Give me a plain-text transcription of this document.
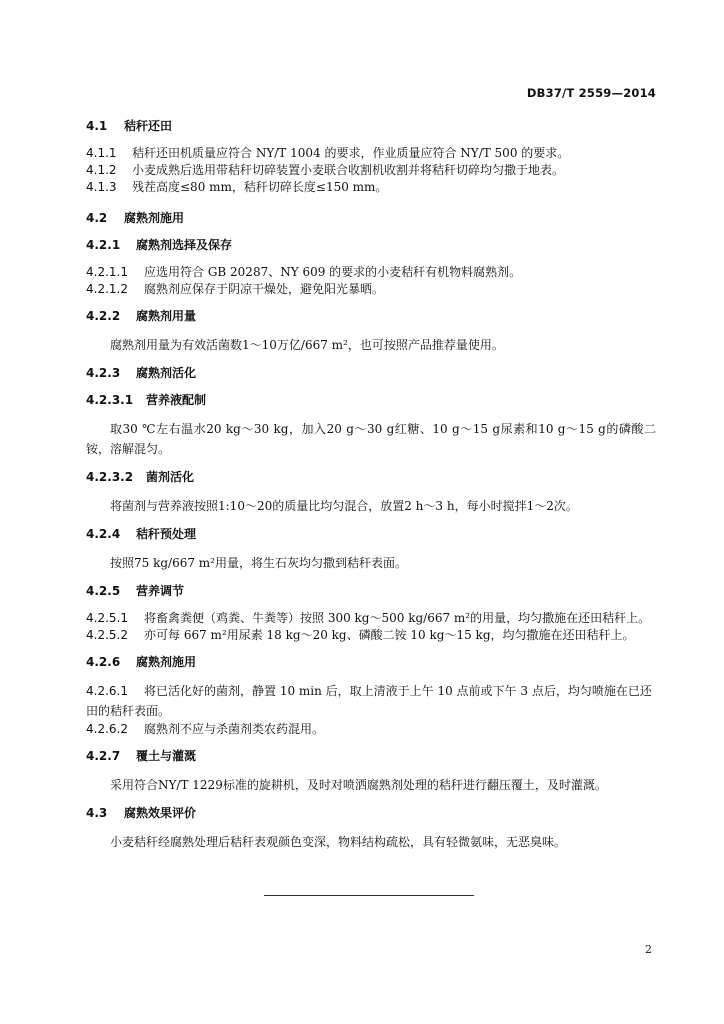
DB37/T 2559—2014
4.1	秸秆还田
4.1.1	秸秆还田机质量应符合 NY/T 1004 的要求，作业质量应符合 NY/T 500 的要求。
4.1.2	小麦成熟后选用带秸秆切碎装置小麦联合收割机收割并将秸秆切碎均匀撒于地表。
4.1.3	残茬高度≤80 mm，秸秆切碎长度≤150 mm。
4.2	腐熟剂施用
4.2.1	腐熟剂选择及保存
4.2.1.1	应选用符合 GB 20287、NY 609 的要求的小麦秸秆有机物料腐熟剂。
4.2.1.2	腐熟剂应保存于阴凉干燥处，避免阳光暴晒。
4.2.2	腐熟剂用量
腐熟剂用量为有效活菌数1～10万亿/667 m²，也可按照产品推荐量使用。
4.2.3	腐熟剂活化
4.2.3.1	营养液配制
取30 ℃左右温水20 kg～30 kg，加入20 g～30 g红糖、10 g～15 g尿素和10 g～15 g的磷酸二铵，溶解混匀。
4.2.3.2	菌剂活化
将菌剂与营养液按照1:10～20的质量比均匀混合，放置2 h～3 h，每小时搅拌1～2次。
4.2.4	秸秆预处理
按照75 kg/667 m²用量，将生石灰均匀撒到秸秆表面。
4.2.5	营养调节
4.2.5.1	将畜禽粪便（鸡粪、牛粪等）按照 300 kg～500 kg/667 m²的用量，均匀撒施在还田秸秆上。
4.2.5.2	亦可每 667 m²用尿素 18 kg～20 kg、磷酸二铵 10 kg～15 kg，均匀撒施在还田秸秆上。
4.2.6	腐熟剂施用
4.2.6.1 将已活化好的菌剂，静置 10 min 后，取上清液于上午 10 点前或下午 3 点后，均匀喷施在已还田的秸秆表面。
4.2.6.2	腐熟剂不应与杀菌剂类农药混用。
4.2.7	覆土与灌溉
采用符合NY/T 1229标准的旋耕机，及时对喷洒腐熟剂处理的秸秆进行翻压覆土，及时灌溉。
4.3	腐熟效果评价
小麦秸秆经腐熟处理后秸秆表观颜色变深，物料结构疏松，具有轻微氨味，无恶臭味。
2
